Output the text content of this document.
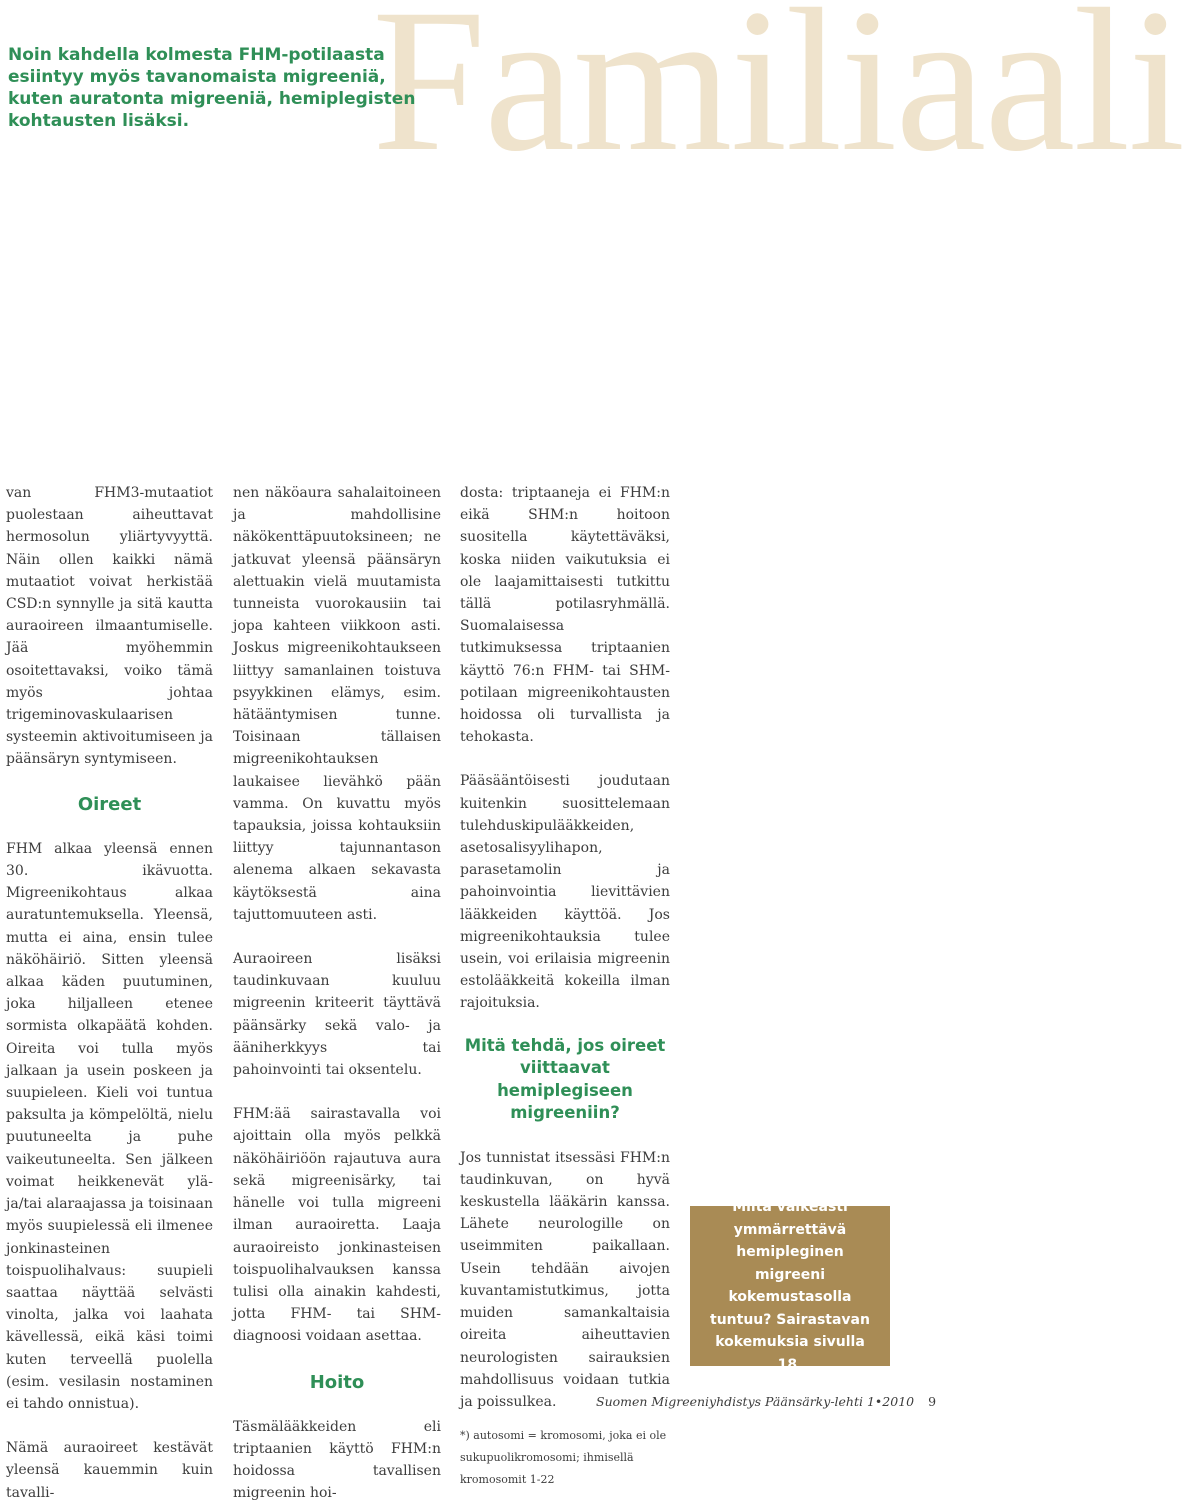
Familiaali
Noin kahdella kolmesta FHM-potilaasta esiintyy myös tavanomaista migreeniä, kuten auratonta migreeniä, hemiplegisten kohtausten lisäksi.

van FHM3-mutaatiot puolestaan aiheuttavat hermosolun yliärtyvyyttä. Näin ollen kaikki nämä mutaatiot voivat herkistää CSD:n synnylle ja sitä kautta auraoireen ilmaantumiselle. Jää myöhemmin osoitettavaksi, voiko tämä myös johtaa trigeminovaskulaarisen systeemin aktivoitumiseen ja päänsäryn syntymiseen.

Oireet

FHM alkaa yleensä ennen 30. ikävuotta. Migreenikohtaus alkaa auratuntemuksella. Yleensä, mutta ei aina, ensin tulee näköhäiriö. Sitten yleensä alkaa käden puutuminen, joka hiljalleen etenee sormista olkapäätä kohden. Oireita voi tulla myös jalkaan ja usein poskeen ja suupieleen. Kieli voi tuntua paksulta ja kömpelöltä, nielu puutuneelta ja puhe vaikeutuneelta. Sen jälkeen voimat heikkenevät ylä- ja/tai alaraajassa ja toisinaan myös suupielessä eli ilmenee jonkinasteinen toispuolihalvaus: suupieli saattaa näyttää selvästi vinolta, jalka voi laahata kävellessä, eikä käsi toimi kuten terveellä puolella (esim. vesilasin nostaminen ei tahdo onnistua).

Nämä auraoireet kestävät yleensä kauemmin kuin tavalli-

nen näköaura sahalaitoineen ja mahdollisine näkökenttäpuutoksineen; ne jatkuvat yleensä päänsäryn alettuakin vielä muutamista tunneista vuorokausiin tai jopa kahteen viikkoon asti. Joskus migreenikohtaukseen liittyy samanlainen toistuva psyykkinen elämys, esim. hätääntymisen tunne. Toisinaan tällaisen migreenikohtauksen laukaisee lievähkö pään vamma. On kuvattu myös tapauksia, joissa kohtauksiin liittyy tajunnantason alenema alkaen sekavasta käytöksestä aina tajuttomuuteen asti.

Auraoireen lisäksi taudinkuvaan kuuluu migreenin kriteerit täyttävä päänsärky sekä valo- ja ääniherkkyys tai pahoinvointi tai oksentelu.

FHM:ää sairastavalla voi ajoittain olla myös pelkkä näköhäiriöön rajautuva aura sekä migreenisärky, tai hänelle voi tulla migreeni ilman auraoiretta. Laaja auraoireisto jonkinasteisen toispuolihalvauksen kanssa tulisi olla ainakin kahdesti, jotta FHM- tai SHM-diagnoosi voidaan asettaa.

Hoito

Täsmälääkkeiden eli triptaanien käyttö FHM:n hoidossa tavallisen migreenin hoi-

dosta: triptaaneja ei FHM:n eikä SHM:n hoitoon suositella käytettäväksi, koska niiden vaikutuksia ei ole laajamittaisesti tutkittu tällä potilasryhmällä. Suomalaisessa tutkimuksessa triptaanien käyttö 76:n FHM- tai SHM-potilaan migreenikohtausten hoidossa oli turvallista ja tehokasta.

Pääsääntöisesti joudutaan kuitenkin suosittelemaan tulehduskipulääkkeiden, asetosalisyylihapon, parasetamolin ja pahoinvointia lievittävien lääkkeiden käyttöä. Jos migreenikohtauksia tulee usein, voi erilaisia migreenin estolääkkeitä kokeilla ilman rajoituksia.

Mitä tehdä, jos oireet viittaavat hemiplegiseen migreeniin?

Jos tunnistat itsessäsi FHM:n taudinkuvan, on hyvä keskustella lääkärin kanssa. Lähete neurologille on useimmiten paikallaan. Usein tehdään aivojen kuvantamistutkimus, jotta muiden samankaltaisia oireita aiheuttavien neurologisten sairauksien mahdollisuus voidaan tutkia ja poissulkea.

*) autosomi = kromosomi, joka ei ole sukupuolikromosomi; ihmisellä kromosomit 1-22

Miltä vaikeasti ymmärrettävä hemipleginen migreeni kokemustasolla tuntuu? Sairastavan kokemuksia sivulla 18.
Suomen Migreeniyhdistys Päänsärky-lehti 1•2010 9
